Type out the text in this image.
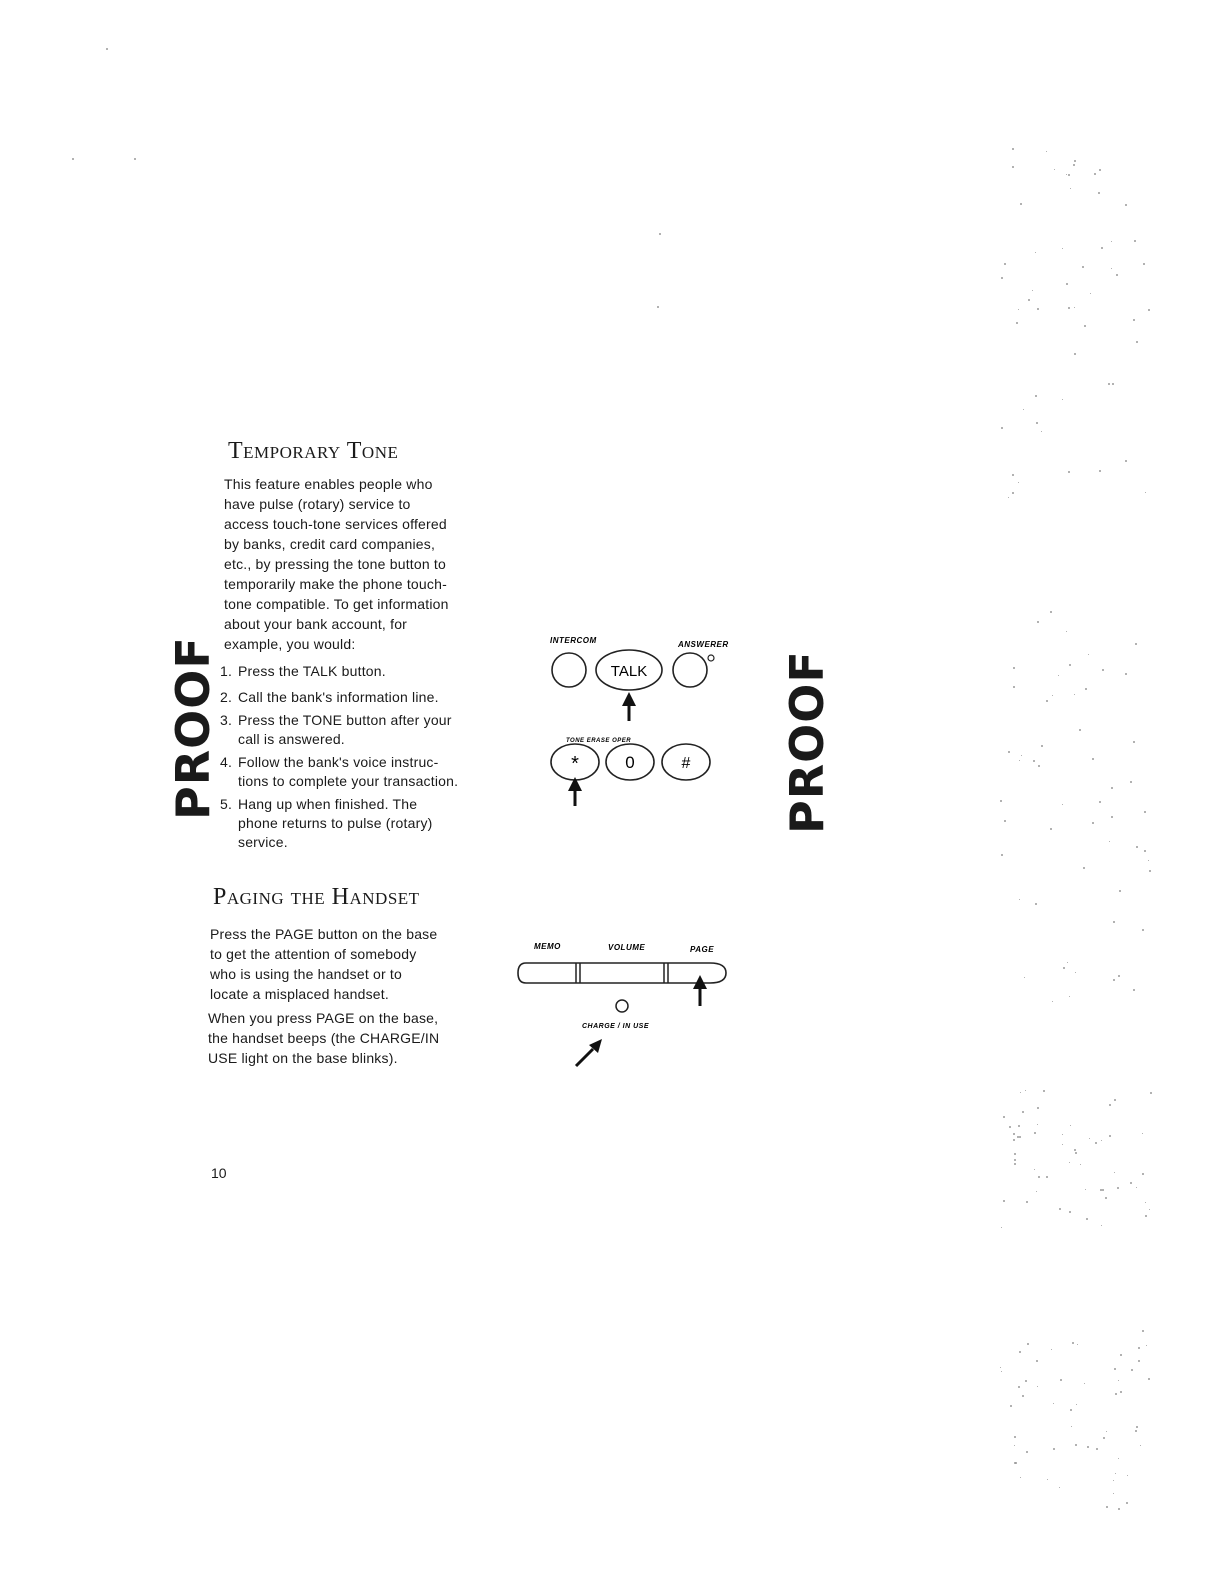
Temporary Tone

This feature enables people who

have pulse (rotary) service to

access touch-tone services offered

by banks, credit card companies,

etc., by pressing the tone button to

temporarily make the phone touch-

tone compatible. To get information

about your bank account, for

example, you would:

1. Press the TALK button.
2. Call the bank's information line.
3. Press the TONE button after your
call is answered.
4. Follow the bank's voice instruc-
tions to complete your transaction.
5. Hang up when finished. The
phone returns to pulse (rotary)
service.
Paging the Handset

Press the PAGE button on the base

to get the attention of somebody

who is using the handset or to

locate a misplaced handset.

When you press PAGE on the base,

the handset beeps (the CHARGE/IN

USE light on the base blinks).

PROOF	PROOF
INTERCOM	ANSWERER
TALK
TONE ERASE OPER
*	0	#
MEMO	VOLUME	PAGE
CHARGE / IN USE
10
